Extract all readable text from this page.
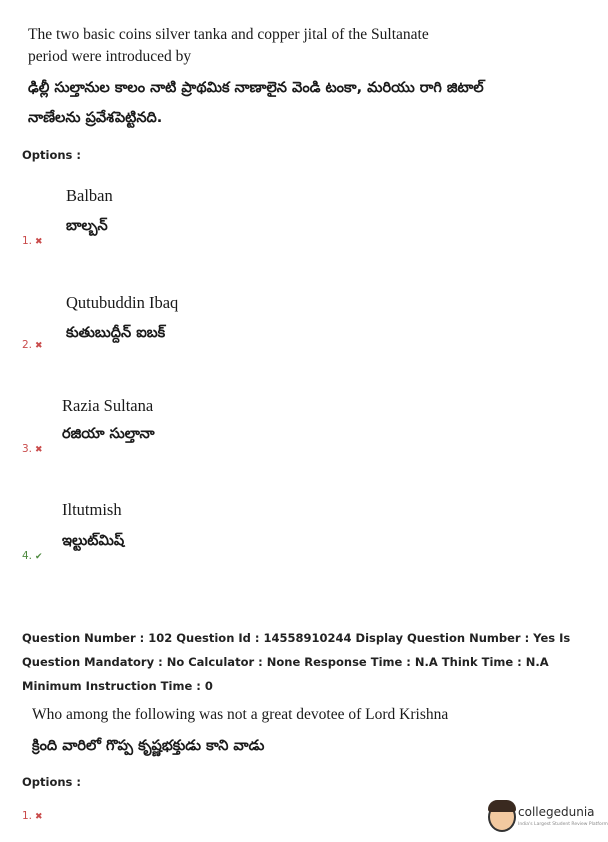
The two basic coins silver tanka and copper jital of the Sultanate period were introduced by
ఢిల్లీ సుల్తానుల కాలం నాటి ప్రాథమిక నాణాలైన వెండి టంకా, మరియు రాగి జిటాల్ నాణేలను ప్రవేశపెట్టినది.
Options :
Balban
బాల్బన్
1. ✖
Qutubuddin Ibaq
కుతుబుద్దీన్ ఐబక్
2. ✖
Razia Sultana
రజియా సుల్తానా
3. ✖
Iltutmish
ఇల్టుట్‌మిష్
4. ✔
Question Number : 102 Question Id : 14558910244 Display Question Number : Yes Is Question Mandatory : No Calculator : None Response Time : N.A Think Time : N.A Minimum Instruction Time : 0
Who among the following was not a great devotee of Lord Krishna
క్రింది వారిలో గొప్ప కృష్ణభక్తుడు కాని వాడు
Options :
1. ✖	collegedunia
India's Largest Student Review Platform
